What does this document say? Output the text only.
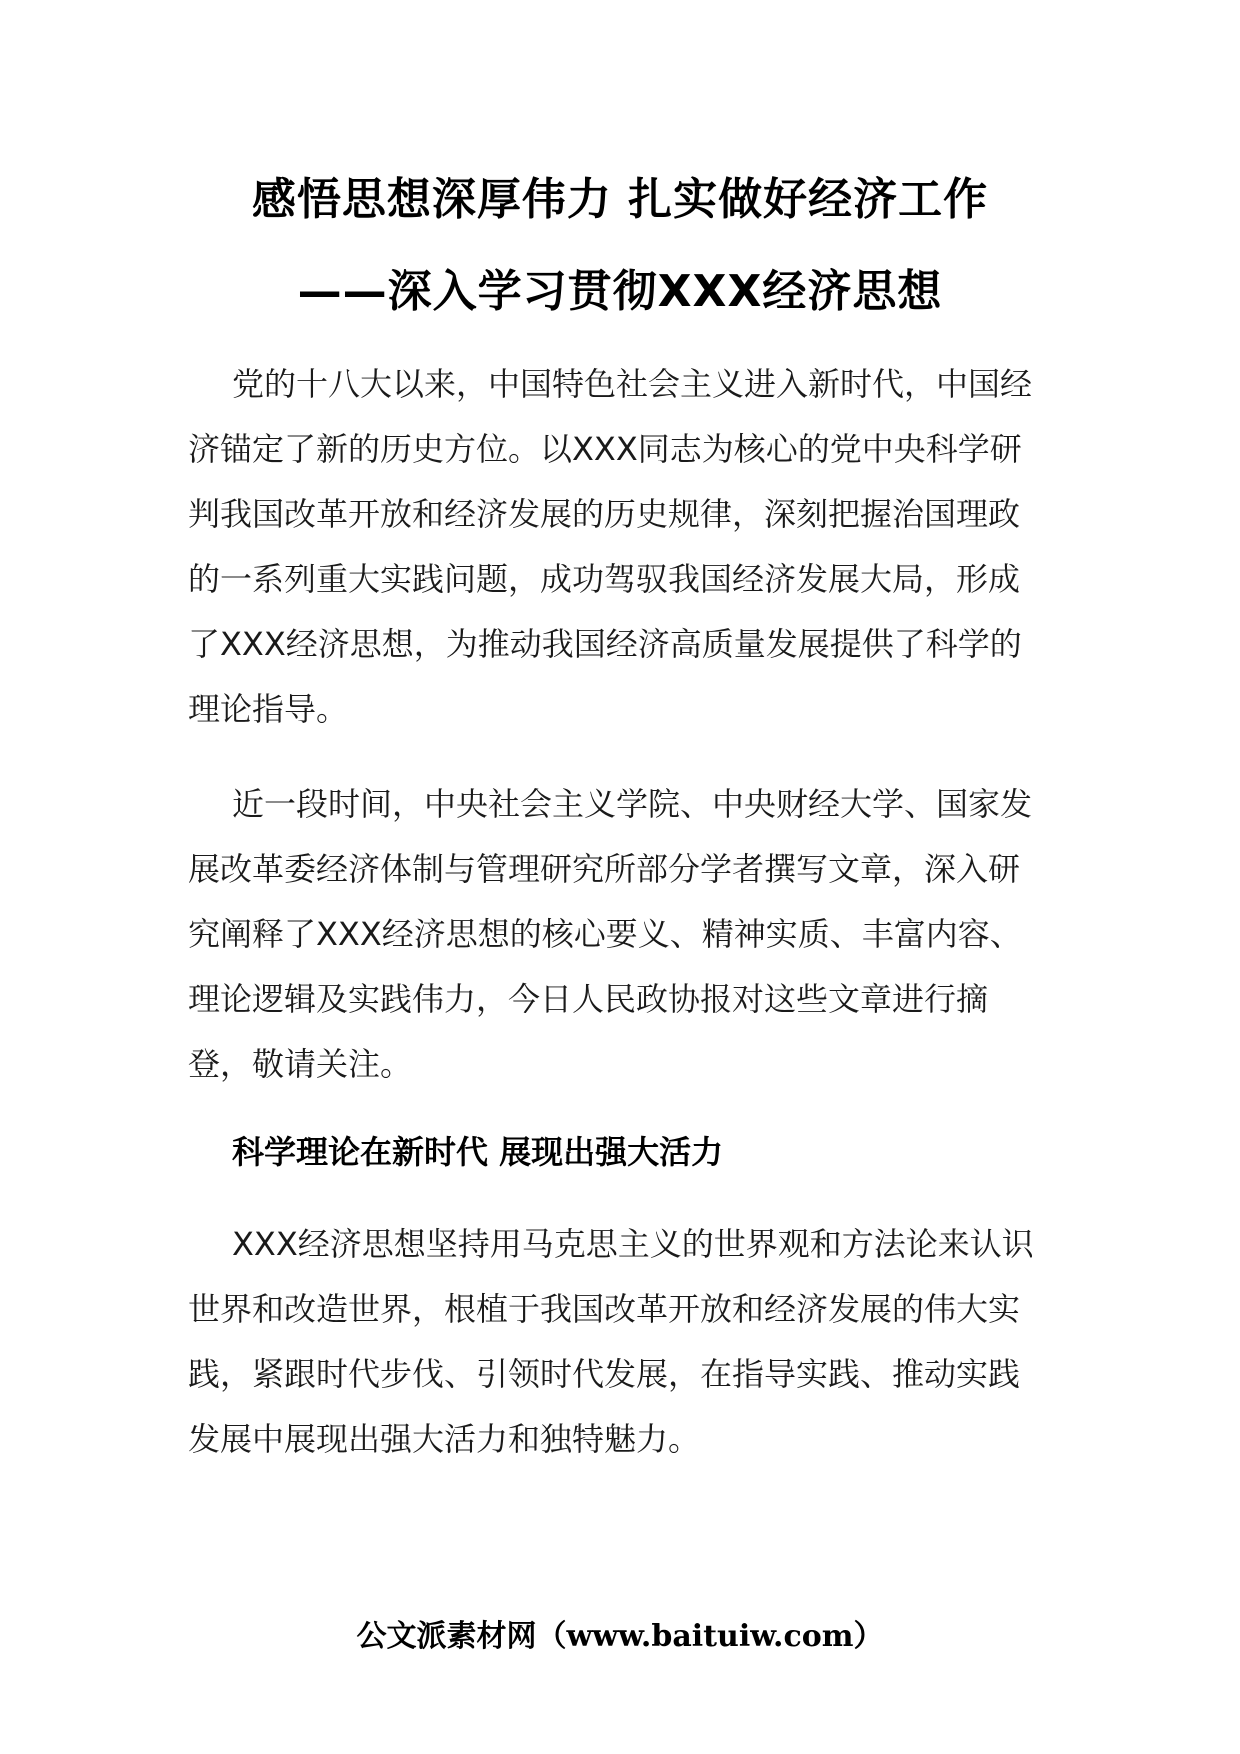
感悟思想深厚伟力 扎实做好经济工作
——深入学习贯彻XXX经济思想

党的十八大以来，中国特色社会主义进入新时代，中国经济锚定了新的历史方位。以XXX同志为核心的党中央科学研判我国改革开放和经济发展的历史规律，深刻把握治国理政的一系列重大实践问题，成功驾驭我国经济发展大局，形成了XXX经济思想，为推动我国经济高质量发展提供了科学的理论指导。

近一段时间，中央社会主义学院、中央财经大学、国家发展改革委经济体制与管理研究所部分学者撰写文章，深入研究阐释了XXX经济思想的核心要义、精神实质、丰富内容、理论逻辑及实践伟力，今日人民政协报对这些文章进行摘登，敬请关注。

科学理论在新时代 展现出强大活力

XXX经济思想坚持用马克思主义的世界观和方法论来认识世界和改造世界，根植于我国改革开放和经济发展的伟大实践，紧跟时代步伐、引领时代发展，在指导实践、推动实践发展中展现出强大活力和独特魅力。

公文派素材网（www.baituiw.com）
